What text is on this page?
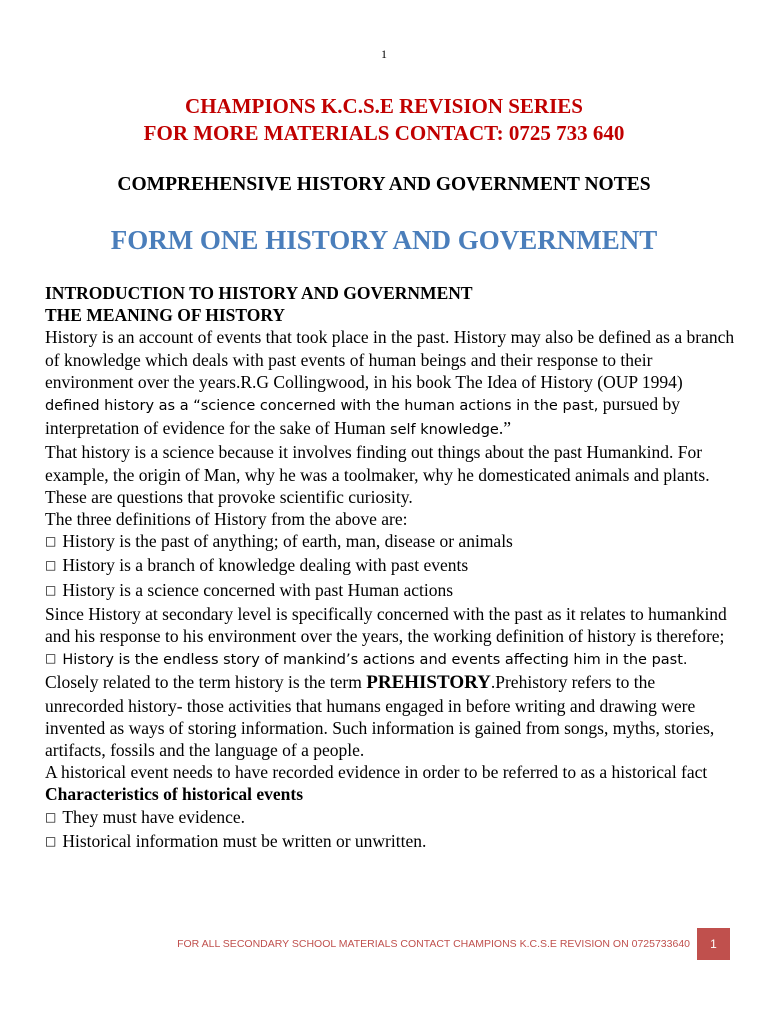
1
CHAMPIONS K.C.S.E REVISION SERIES
FOR MORE MATERIALS CONTACT: 0725 733 640
COMPREHENSIVE HISTORY AND GOVERNMENT NOTES
FORM ONE HISTORY AND GOVERNMENT

INTRODUCTION TO HISTORY AND GOVERNMENT

THE MEANING OF HISTORY

History is an account of events that took place in the past. History may also be defined as a branch of knowledge which deals with past events of human beings and their response to their environment over the years.R.G Collingwood, in his book The Idea of History (OUP 1994) defined history as a “science concerned with the human actions in the past, pursued by interpretation of evidence for the sake of Human self knowledge.”

That history is a science because it involves finding out things about the past Humankind. For example, the origin of Man, why he was a toolmaker, why he domesticated animals and plants.

These are questions that provoke scientific curiosity.

The three definitions of History from the above are:

□ History is the past of anything; of earth, man, disease or animals

□ History is a branch of knowledge dealing with past events

□ History is a science concerned with past Human actions

Since History at secondary level is specifically concerned with the past as it relates to humankind and his response to his environment over the years, the working definition of history is therefore;

□ History is the endless story of mankind’s actions and events affecting him in the past.

Closely related to the term history is the term PREHISTORY.Prehistory refers to the unrecorded history- those activities that humans engaged in before writing and drawing were invented as ways of storing information. Such information is gained from songs, myths, stories, artifacts, fossils and the language of a people.

A historical event needs to have recorded evidence in order to be referred to as a historical fact

Characteristics of historical events

□ They must have evidence.

□ Historical information must be written or unwritten.

FOR ALL SECONDARY SCHOOL MATERIALS CONTACT CHAMPIONS K.C.S.E REVISION ON 0725733640	1
